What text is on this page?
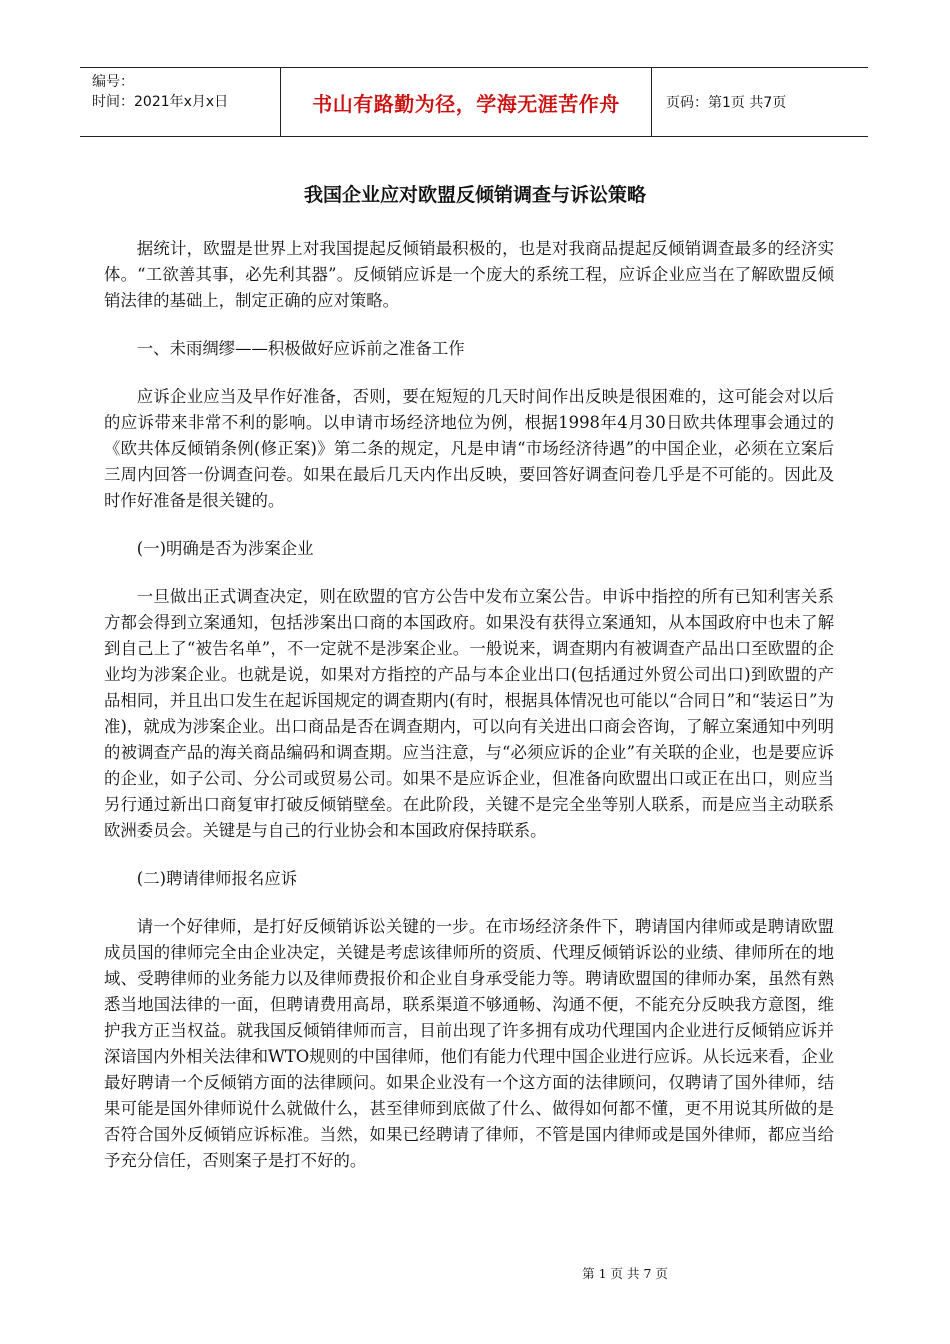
编号：
时间：2021年x月x日	书山有路勤为径，学海无涯苦作舟	页码：第1页 共7页
我国企业应对欧盟反倾销调查与诉讼策略

据统计，欧盟是世界上对我国提起反倾销最积极的，也是对我商品提起反倾销调查最多的经济实体。“工欲善其事，必先利其器”。反倾销应诉是一个庞大的系统工程，应诉企业应当在了解欧盟反倾销法律的基础上，制定正确的应对策略。

一、未雨绸缪——积极做好应诉前之准备工作

应诉企业应当及早作好准备，否则，要在短短的几天时间作出反映是很困难的，这可能会对以后的应诉带来非常不利的影响。以申请市场经济地位为例，根据1998年4月30日欧共体理事会通过的《欧共体反倾销条例(修正案)》第二条的规定，凡是申请“市场经济待遇”的中国企业，必须在立案后三周内回答一份调查问卷。如果在最后几天内作出反映，要回答好调查问卷几乎是不可能的。因此及时作好准备是很关键的。

(一)明确是否为涉案企业

一旦做出正式调查决定，则在欧盟的官方公告中发布立案公告。申诉中指控的所有已知利害关系方都会得到立案通知，包括涉案出口商的本国政府。如果没有获得立案通知，从本国政府中也未了解到自己上了“被告名单”，不一定就不是涉案企业。一般说来，调查期内有被调查产品出口至欧盟的企业均为涉案企业。也就是说，如果对方指控的产品与本企业出口(包括通过外贸公司出口)到欧盟的产品相同，并且出口发生在起诉国规定的调查期内(有时，根据具体情况也可能以“合同日”和“装运日”为准)，就成为涉案企业。出口商品是否在调查期内，可以向有关进出口商会咨询，了解立案通知中列明的被调查产品的海关商品编码和调查期。应当注意，与“必须应诉的企业”有关联的企业，也是要应诉的企业，如子公司、分公司或贸易公司。如果不是应诉企业，但准备向欧盟出口或正在出口，则应当另行通过新出口商复审打破反倾销壁垒。在此阶段，关键不是完全坐等别人联系，而是应当主动联系欧洲委员会。关键是与自己的行业协会和本国政府保持联系。

(二)聘请律师报名应诉

请一个好律师，是打好反倾销诉讼关键的一步。在市场经济条件下，聘请国内律师或是聘请欧盟成员国的律师完全由企业决定，关键是考虑该律师所的资质、代理反倾销诉讼的业绩、律师所在的地域、受聘律师的业务能力以及律师费报价和企业自身承受能力等。聘请欧盟国的律师办案，虽然有熟悉当地国法律的一面，但聘请费用高昂，联系渠道不够通畅、沟通不便，不能充分反映我方意图，维护我方正当权益。就我国反倾销律师而言，目前出现了许多拥有成功代理国内企业进行反倾销应诉并深谙国内外相关法律和WTO规则的中国律师，他们有能力代理中国企业进行应诉。从长远来看，企业最好聘请一个反倾销方面的法律顾问。如果企业没有一个这方面的法律顾问，仅聘请了国外律师，结果可能是国外律师说什么就做什么，甚至律师到底做了什么、做得如何都不懂，更不用说其所做的是否符合国外反倾销应诉标准。当然，如果已经聘请了律师，不管是国内律师或是国外律师，都应当给予充分信任，否则案子是打不好的。

第 1 页 共 7 页
